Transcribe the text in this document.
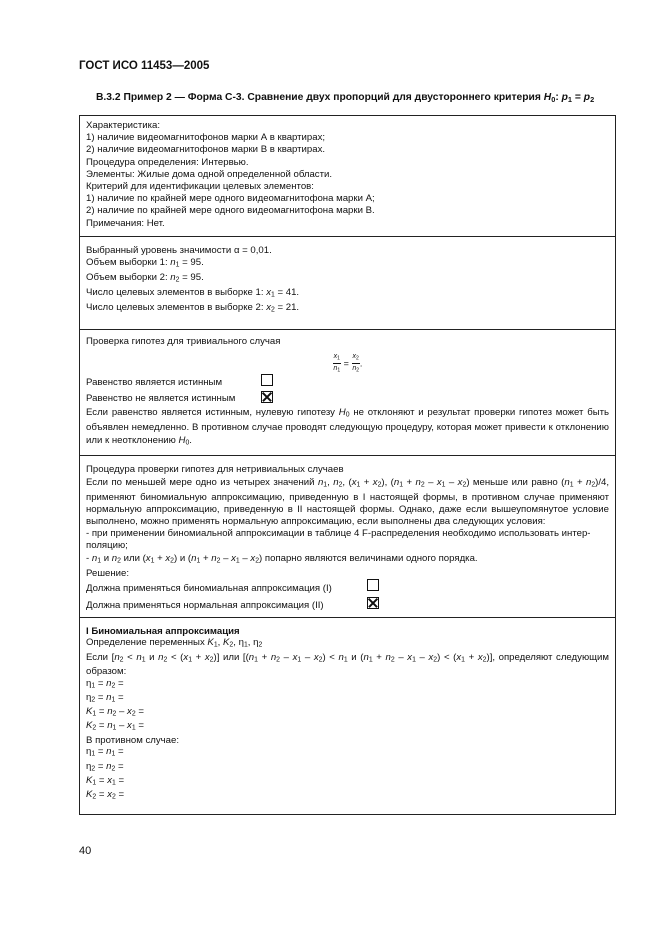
ГОСТ ИСО 11453—2005
В.3.2 Пример 2 — Форма С-3. Сравнение двух пропорций для двустороннего критерия $H_0$: $p_1 = p_2$
Характеристика:
1) наличие видеомагнитофонов марки А в квартирах;
2) наличие видеомагнитофонов марки В в квартирах.
Процедура определения: Интервью.
Элементы: Жилые дома одной определенной области.
Критерий для идентификации целевых элементов:
1) наличие по крайней мере одного видеомагнитофона марки А;
2) наличие по крайней мере одного видеомагнитофона марки В.
Примечания: Нет.
Выбранный уровень значимости α = 0,01.
Объем выборки 1: $n_1 = 95$.
Объем выборки 2: $n_2 = 95$.
Число целевых элементов в выборке 1: $x_1 = 41$.
Число целевых элементов в выборке 2: $x_2 = 21$.
Проверка гипотез для тривиального случая
$\frac{x_1}{n_1} = \frac{x_2}{n_2}$ .
Равенство является истинным
Равенство не является истинным
Если равенство является истинным, нулевую гипотезу $H_0$ не отклоняют и результат проверки гипотез может быть объявлен немедленно. В противном случае проводят следующую процедуру, которая может привести к отклонению или к неотклонению $H_0$.
Процедура проверки гипотез для нетривиальных случаев
Если по меньшей мере одно из четырех значений $n_1$, $n_2$, $(x_1 + x_2)$, $(n_1 + n_2 - x_1 - x_2)$ меньше или равно $(n_1 + n_2)/4$, применяют биномиальную аппроксимацию, приведенную в I настоящей формы, в противном случае применяют нормальную аппроксимацию, приведенную в II настоящей формы. Однако, даже если вышеупомянутое условие выполнено, можно применять нормальную аппроксимацию, если выполнены два следующих условия:
- при применении биномиальной аппроксимации в таблице 4 F-распределения необходимо использовать интер-поляцию;
- $n_1$ и $n_2$ или $(x_1 + x_2)$ и $(n_1 + n_2 - x_1 - x_2)$ попарно являются величинами одного порядка.
Решение:
Должна применяться биномиальная аппроксимация (I)
Должна применяться нормальная аппроксимация (II)
I Биномиальная аппроксимация
Определение переменных $K_1$, $K_2$, $\eta_1$, $\eta_2$
Если [$n_2 < n_1$ и $n_2 < (x_1 + x_2)$] или [$(n_1 + n_2 - x_1 - x_2) < n_1$ и $(n_1 + n_2 - x_1 - x_2) < (x_1 + x_2)$], определяют следующим образом:
$\eta_1 = n_2$ =
$\eta_2 = n_1$ =
$K_1 = n_2 - x_2$ =
$K_2 = n_1 - x_1$ =
В противном случае:
$\eta_1 = n_1$ =
$\eta_2 = n_2$ =
$K_1 = x_1$ =
$K_2 = x_2$ =
40
